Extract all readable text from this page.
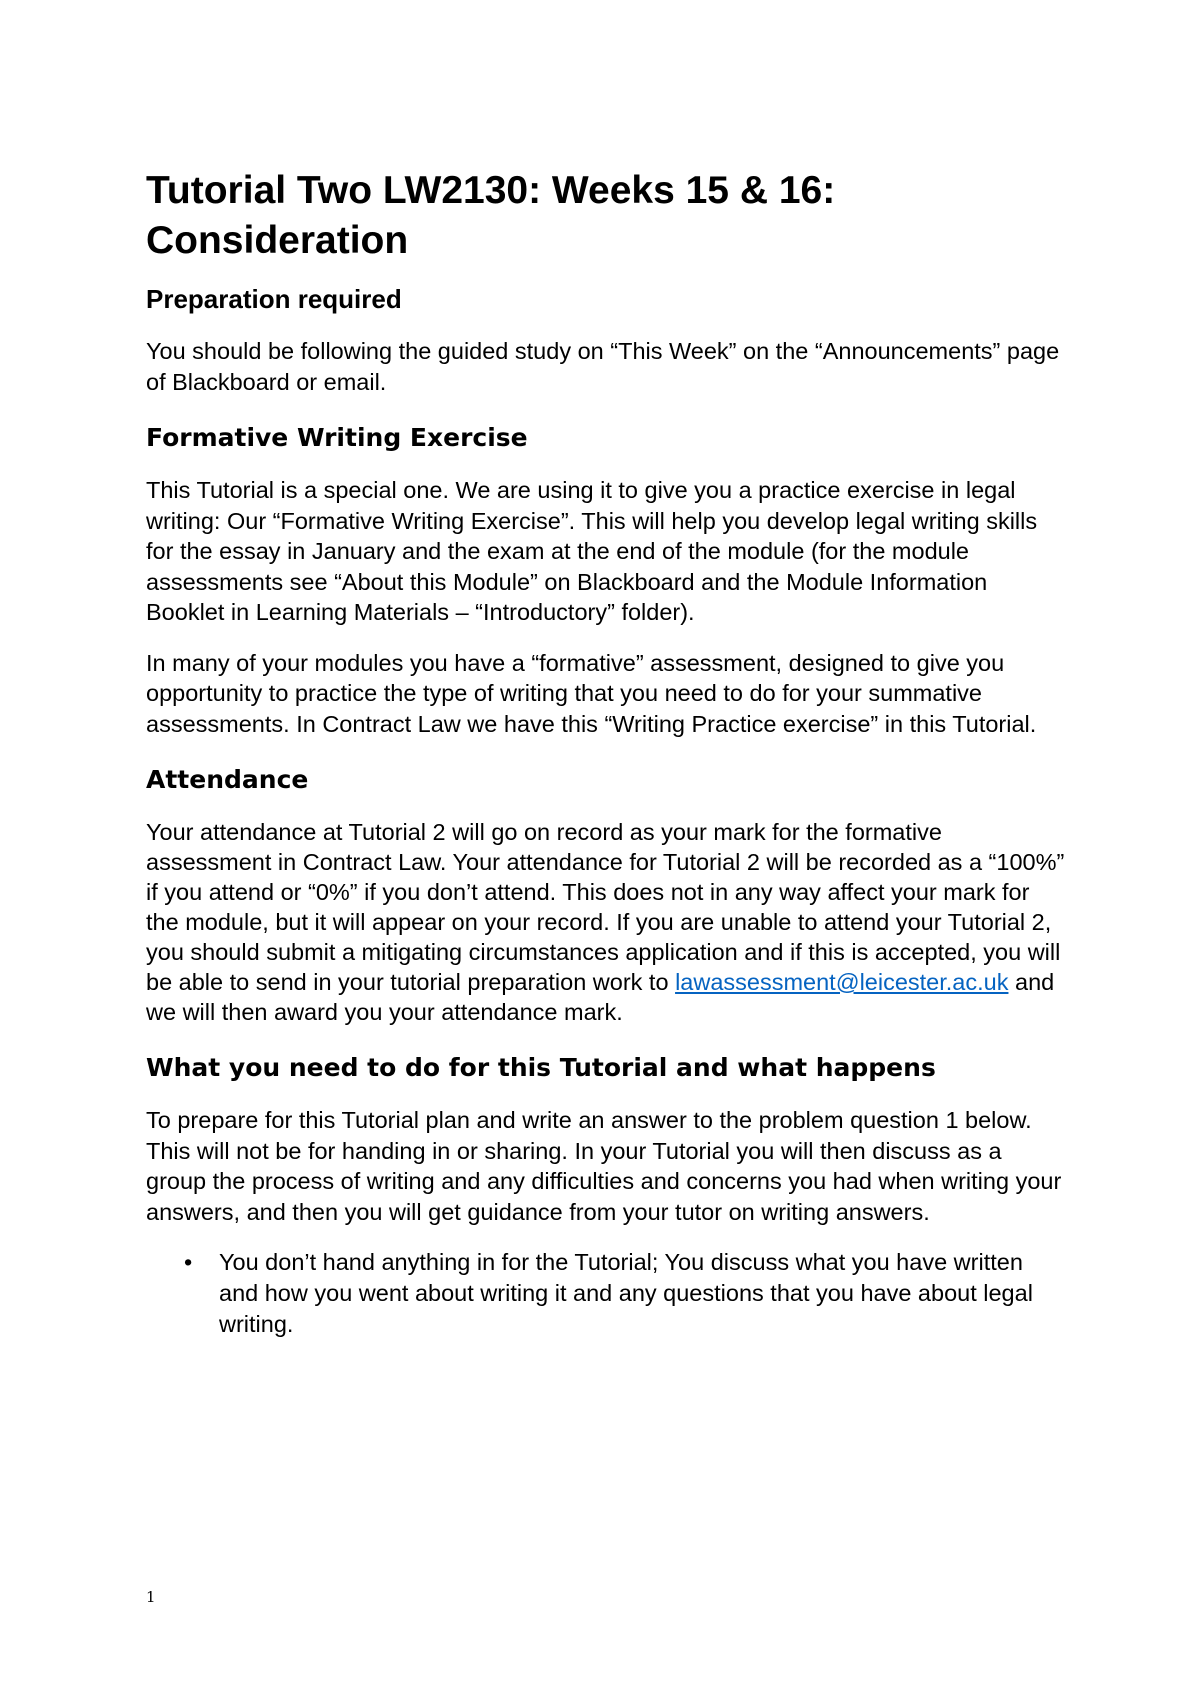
Tutorial Two LW2130: Weeks 15 & 16: Consideration
Preparation required

You should be following the guided study on “This Week” on the “Announcements” page of Blackboard or email.

Formative Writing Exercise

This Tutorial is a special one. We are using it to give you a practice exercise in legal writing: Our “Formative Writing Exercise”. This will help you develop legal writing skills for the essay in January and the exam at the end of the module (for the module assessments see “About this Module” on Blackboard and the Module Information Booklet in Learning Materials – “Introductory” folder).

In many of your modules you have a “formative” assessment, designed to give you opportunity to practice the type of writing that you need to do for your summative assessments. In Contract Law we have this “Writing Practice exercise” in this Tutorial.

Attendance

Your attendance at Tutorial 2 will go on record as your mark for the formative assessment in Contract Law. Your attendance for Tutorial 2 will be recorded as a “100%” if you attend or “0%” if you don’t attend. This does not in any way affect your mark for the module, but it will appear on your record. If you are unable to attend your Tutorial 2, you should submit a mitigating circumstances application and if this is accepted, you will be able to send in your tutorial preparation work to lawassessment@leicester.ac.uk and we will then award you your attendance mark.

What you need to do for this Tutorial and what happens

To prepare for this Tutorial plan and write an answer to the problem question 1 below. This will not be for handing in or sharing. In your Tutorial you will then discuss as a group the process of writing and any difficulties and concerns you had when writing your answers, and then you will get guidance from your tutor on writing answers.

• You don’t hand anything in for the Tutorial; You discuss what you have written and how you went about writing it and any questions that you have about legal writing.
1
